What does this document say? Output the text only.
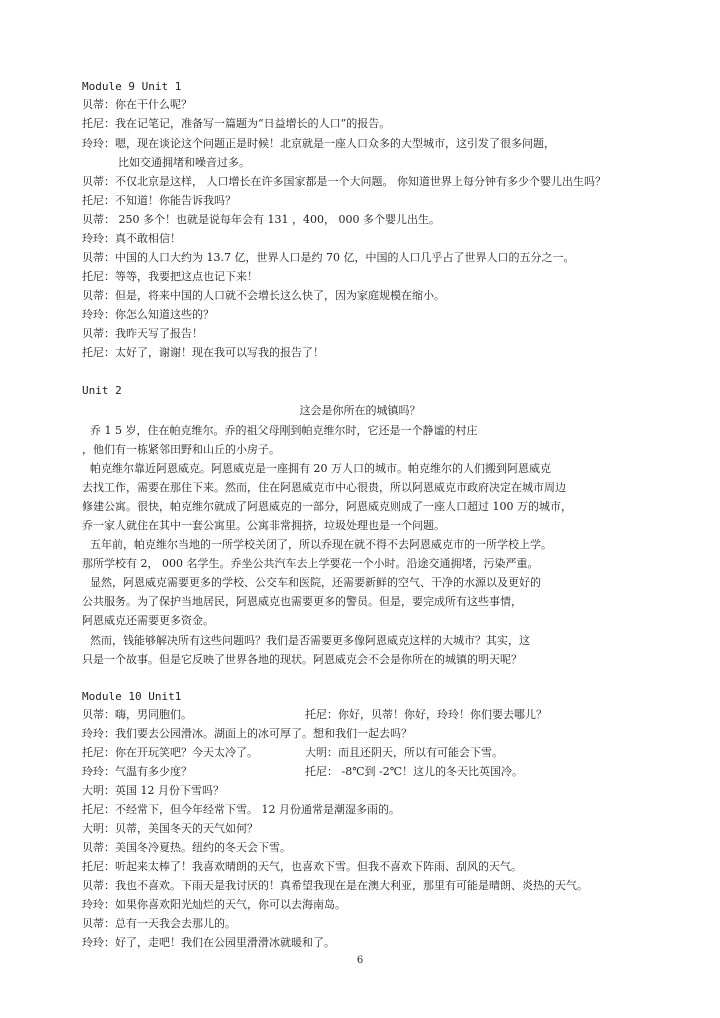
Module 9 Unit 1
贝蒂：你在干什么呢？
托尼：我在记笔记，准备写一篇题为“日益增长的人口”的报告。
玲玲：嗯，现在谈论这个问题正是时候！北京就是一座人口众多的大型城市，这引发了很多问题，
比如交通拥堵和噪音过多。
贝蒂：不仅北京是这样， 人口增长在许多国家都是一个大问题。 你知道世界上每分钟有多少个婴儿出生吗？
托尼：不知道！你能告诉我吗？
贝蒂： 250 多个！也就是说每年会有 131 ，400， 000 多个婴儿出生。
玲玲：真不敢相信！
贝蒂：中国的人口大约为 13.7 亿，世界人口是约 70 亿，中国的人口几乎占了世界人口的五分之一。
托尼：等等，我要把这点也记下来！
贝蒂：但是，将来中国的人口就不会增长这么快了，因为家庭规模在缩小。
玲玲：你怎么知道这些的？
贝蒂：我昨天写了报告！
托尼：太好了，谢谢！现在我可以写我的报告了！
Unit 2
这会是你所在的城镇吗？
乔 1 5 岁，住在帕克维尔。乔的祖父母刚到帕克维尔时，它还是一个静谧的村庄
，他们有一栋紧邻田野和山丘的小房子。
帕克维尔靠近阿恩威克。阿恩威克是一座拥有 20 万人口的城市。帕克维尔的人们搬到阿恩威克
去找工作，需要在那住下来。然而，住在阿恩威克市中心很贵，所以阿恩威克市政府决定在城市周边
修建公寓。很快，帕克维尔就成了阿恩威克的一部分，阿恩威克则成了一座人口超过 100 万的城市，
乔一家人就住在其中一套公寓里。公寓非常拥挤，垃圾处理也是一个问题。
五年前，帕克维尔当地的一所学校关闭了，所以乔现在就不得不去阿恩威克市的一所学校上学。
那所学校有 2， 000 名学生。乔坐公共汽车去上学要花一个小时。沿途交通拥堵，污染严重。
显然，阿恩威克需要更多的学校、公交车和医院，还需要新鲜的空气、干净的水源以及更好的
公共服务。为了保护当地居民，阿恩威克也需要更多的警员。但是，要完成所有这些事情，
阿恩威克还需要更多资金。
然而，钱能够解决所有这些问题吗？我们是否需要更多像阿恩威克这样的大城市？其实，这
只是一个故事。但是它反映了世界各地的现状。阿恩威克会不会是你所在的城镇的明天呢？
Module 10 Unit1
贝蒂：嗨，男同胞们。	托尼：你好，贝蒂！你好，玲玲！你们要去哪儿？
玲玲：我们要去公园滑冰。湖面上的冰可厚了。想和我们一起去吗？
托尼：你在开玩笑吧？今天太冷了。	大明：而且还阴天，所以有可能会下雪。
玲玲：气温有多少度？	托尼： -8℃到 -2℃！这儿的冬天比英国冷。
大明：英国 12 月份下雪吗？
托尼：不经常下，但今年经常下雪。 12 月份通常是潮湿多雨的。
大明：贝蒂，美国冬天的天气如何？
贝蒂：美国冬冷夏热。纽约的冬天会下雪。
托尼：听起来太棒了！我喜欢晴朗的天气，也喜欢下雪。但我不喜欢下阵雨、刮风的天气。
贝蒂：我也不喜欢。下雨天是我讨厌的！真希望我现在是在澳大利亚，那里有可能是晴朗、炎热的天气。
玲玲：如果你喜欢阳光灿烂的天气，你可以去海南岛。
贝蒂：总有一天我会去那儿的。
玲玲：好了，走吧！我们在公园里滑滑冰就暖和了。
6
